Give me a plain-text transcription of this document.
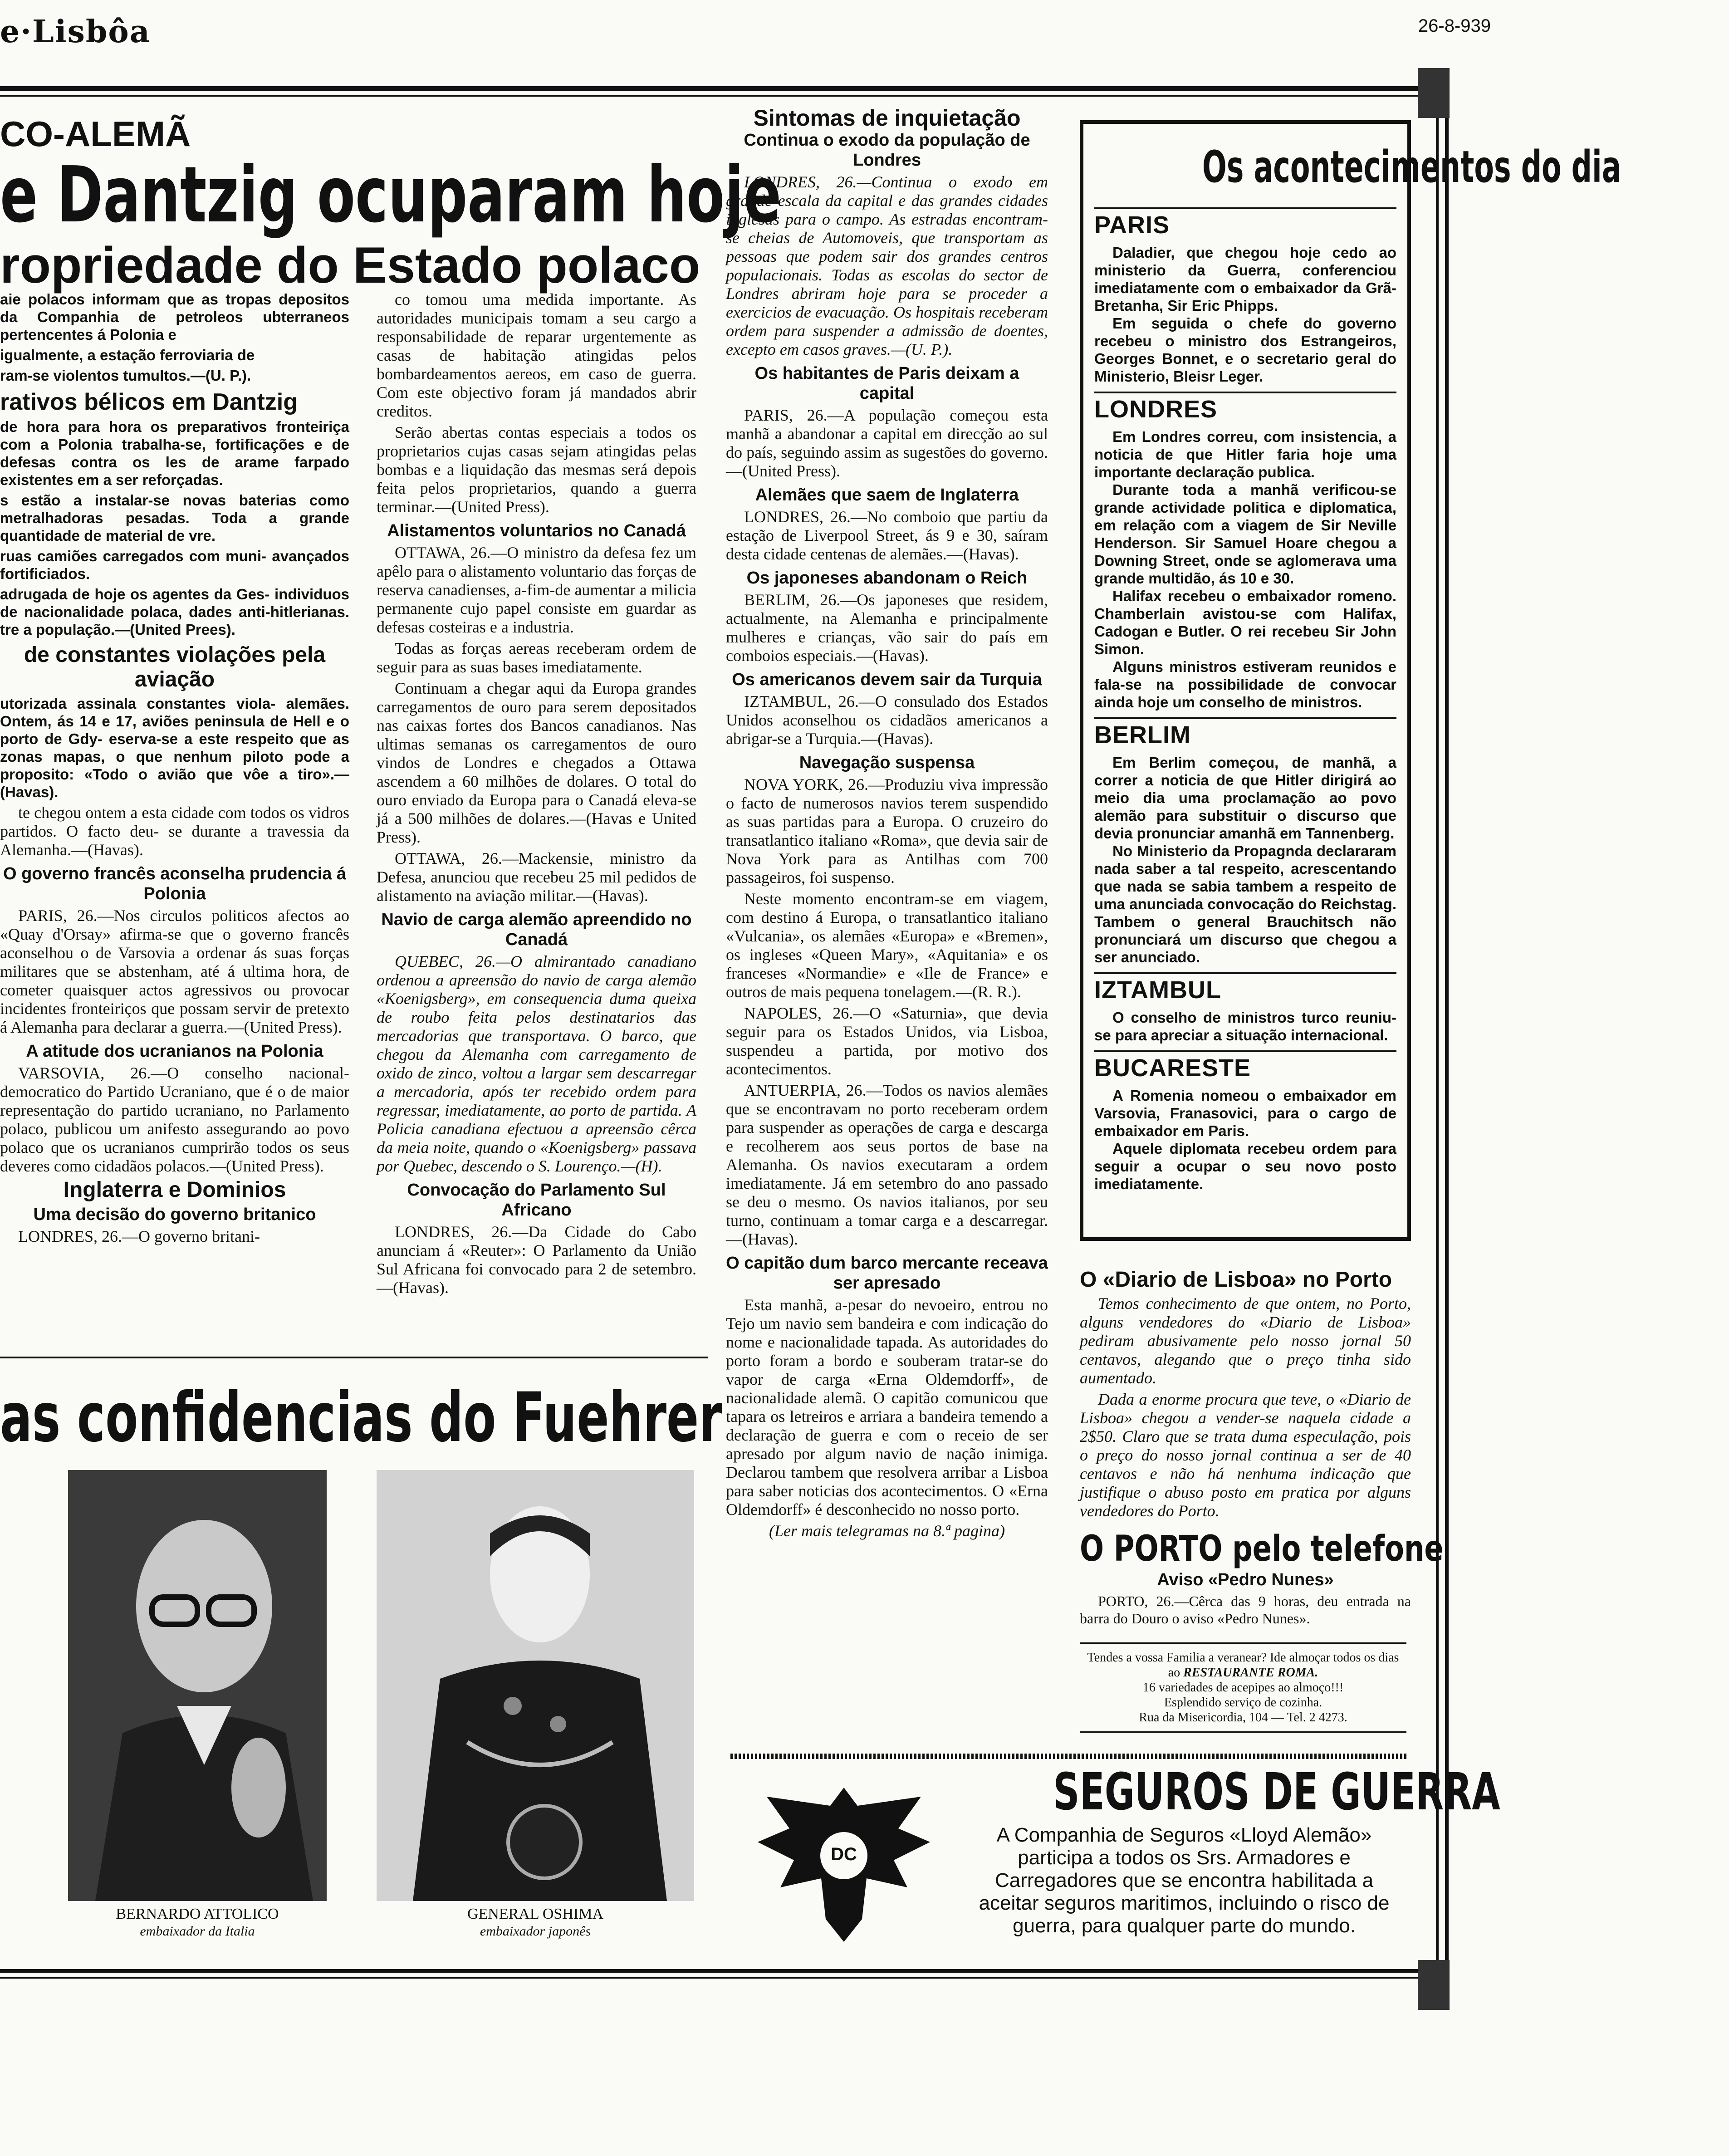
e·Lisbôa	26-8-939
CO-ALEMÃ
e Dantzig ocuparam hoje
ropriedade do Estado polaco

aie polacos informam que as tropas depositos da Companhia de petroleos ubterraneos pertencentes á Polonia e

igualmente, a estação ferroviaria de

ram-se violentos tumultos.—(U. P.).

rativos bélicos em Dantzig

de hora para hora os preparativos fronteiriça com a Polonia trabalha-se, fortificações e de defesas contra os les de arame farpado existentes em a ser reforçadas.

s estão a instalar-se novas baterias como metralhadoras pesadas. Toda a grande quantidade de material de vre.

ruas camiões carregados com muni- avançados fortificiados.

adrugada de hoje os agentes da Ges- individuos de nacionalidade polaca, dades anti-hitlerianas. tre a população.—(United Prees).

de constantes violações pela aviação

utorizada assinala constantes viola- alemães. Ontem, ás 14 e 17, aviões peninsula de Hell e o porto de Gdy- eserva-se a este respeito que as zonas mapas, o que nenhum piloto pode a proposito: «Todo o avião que vôe a tiro».—(Havas).

te chegou ontem a esta cidade com todos os vidros partidos. O facto deu- se durante a travessia da Alemanha.—(Havas).

O governo francês aconselha prudencia á Polonia

PARIS, 26.—Nos circulos politicos afectos ao «Quay d'Orsay» afirma-se que o governo francês aconselhou o de Varsovia a ordenar ás suas forças militares que se abstenham, até á ultima hora, de cometer quaisquer actos agressivos ou provocar incidentes fronteiriços que possam servir de pretexto á Alemanha para declarar a guerra.—(United Press).

A atitude dos ucranianos na Polonia

VARSOVIA, 26.—O conselho nacional-democratico do Partido Ucraniano, que é o de maior representação do partido ucraniano, no Parlamento polaco, publicou um anifesto assegurando ao povo polaco que os ucranianos cumprirão todos os seus deveres como cidadãos polacos.—(United Press).

Inglaterra e Dominios
Uma decisão do governo britanico

LONDRES, 26.—O governo britani-

co tomou uma medida importante. As autoridades municipais tomam a seu cargo a responsabilidade de reparar urgentemente as casas de habitação atingidas pelos bombardeamentos aereos, em caso de guerra. Com este objectivo foram já mandados abrir creditos.

Serão abertas contas especiais a todos os proprietarios cujas casas sejam atingidas pelas bombas e a liquidação das mesmas será depois feita pelos proprietarios, quando a guerra terminar.—(United Press).

Alistamentos voluntarios no Canadá

OTTAWA, 26.—O ministro da defesa fez um apêlo para o alistamento voluntario das forças de reserva canadienses, a-fim-de aumentar a milicia permanente cujo papel consiste em guardar as defesas costeiras e a industria.

Todas as forças aereas receberam ordem de seguir para as suas bases imediatamente.

Continuam a chegar aqui da Europa grandes carregamentos de ouro para serem depositados nas caixas fortes dos Bancos canadianos. Nas ultimas semanas os carregamentos de ouro vindos de Londres e chegados a Ottawa ascendem a 60 milhões de dolares. O total do ouro enviado da Europa para o Canadá eleva-se já a 500 milhões de dolares.—(Havas e United Press).

OTTAWA, 26.—Mackensie, ministro da Defesa, anunciou que recebeu 25 mil pedidos de alistamento na aviação militar.—(Havas).

Navio de carga alemão apreendido no Canadá

QUEBEC, 26.—O almirantado canadiano ordenou a apreensão do navio de carga alemão «Koenigsberg», em consequencia duma queixa de roubo feita pelos destinatarios das mercadorias que transportava. O barco, que chegou da Alemanha com carregamento de oxido de zinco, voltou a largar sem descarregar a mercadoria, após ter recebido ordem para regressar, imediatamente, ao porto de partida. A Policia canadiana efectuou a apreensão cêrca da meia noite, quando o «Koenigsberg» passava por Quebec, descendo o S. Lourenço.—(H).

Convocação do Parlamento Sul Africano

LONDRES, 26.—Da Cidade do Cabo anunciam á «Reuter»: O Parlamento da União Sul Africana foi convocado para 2 de setembro.—(Havas).

Sintomas de inquietação
Continua o exodo da população de Londres

LONDRES, 26.—Continua o exodo em grande escala da capital e das grandes cidades inglesas para o campo. As estradas encontram-se cheias de Automoveis, que transportam as pessoas que podem sair dos grandes centros populacionais. Todas as escolas do sector de Londres abriram hoje para se proceder a exercicios de evacuação. Os hospitais receberam ordem para suspender a admissão de doentes, excepto em casos graves.—(U. P.).

Os habitantes de Paris deixam a capital

PARIS, 26.—A população começou esta manhã a abandonar a capital em direcção ao sul do país, seguindo assim as sugestões do governo.—(United Press).

Alemães que saem de Inglaterra

LONDRES, 26.—No comboio que partiu da estação de Liverpool Street, ás 9 e 30, saíram desta cidade centenas de alemães.—(Havas).

Os japoneses abandonam o Reich

BERLIM, 26.—Os japoneses que residem, actualmente, na Alemanha e principalmente mulheres e crianças, vão sair do país em comboios especiais.—(Havas).

Os americanos devem sair da Turquia

IZTAMBUL, 26.—O consulado dos Estados Unidos aconselhou os cidadãos americanos a abrigar-se a Turquia.—(Havas).

Navegação suspensa

NOVA YORK, 26.—Produziu viva impressão o facto de numerosos navios terem suspendido as suas partidas para a Europa. O cruzeiro do transatlantico italiano «Roma», que devia sair de Nova York para as Antilhas com 700 passageiros, foi suspenso.

Neste momento encontram-se em viagem, com destino á Europa, o transatlantico italiano «Vulcania», os alemães «Europa» e «Bremen», os ingleses «Queen Mary», «Aquitania» e os franceses «Normandie» e «Ile de France» e outros de mais pequena tonelagem.—(R. R.).

NAPOLES, 26.—O «Saturnia», que devia seguir para os Estados Unidos, via Lisboa, suspendeu a partida, por motivo dos acontecimentos.

ANTUERPIA, 26.—Todos os navios alemães que se encontravam no porto receberam ordem para suspender as operações de carga e descarga e recolherem aos seus portos de base na Alemanha. Os navios executaram a ordem imediatamente. Já em setembro do ano passado se deu o mesmo. Os navios italianos, por seu turno, continuam a tomar carga e a descarregar.—(Havas).

O capitão dum barco mercante receava ser apresado

Esta manhã, a-pesar do nevoeiro, entrou no Tejo um navio sem bandeira e com indicação do nome e nacionalidade tapada. As autoridades do porto foram a bordo e souberam tratar-se do vapor de carga «Erna Oldemdorff», de nacionalidade alemã. O capitão comunicou que tapara os letreiros e arriara a bandeira temendo a declaração de guerra e com o receio de ser apresado por algum navio de nação inimiga. Declarou tambem que resolvera arribar a Lisboa para saber noticias dos acontecimentos. O «Erna Oldemdorff» é desconhecido no nosso porto.

(Ler mais telegramas na 8.ª pagina)

Os acontecimentos do dia
PARIS

Daladier, que chegou hoje cedo ao ministerio da Guerra, conferenciou imediatamente com o embaixador da Grã-Bretanha, Sir Eric Phipps.

Em seguida o chefe do governo recebeu o ministro dos Estrangeiros, Georges Bonnet, e o secretario geral do Ministerio, Bleisr Leger.

LONDRES

Em Londres correu, com insistencia, a noticia de que Hitler faria hoje uma importante declaração publica.

Durante toda a manhã verificou-se grande actividade politica e diplomatica, em relação com a viagem de Sir Neville Henderson. Sir Samuel Hoare chegou a Downing Street, onde se aglomerava uma grande multidão, ás 10 e 30.

Halifax recebeu o embaixador romeno. Chamberlain avistou-se com Halifax, Cadogan e Butler. O rei recebeu Sir John Simon.

Alguns ministros estiveram reunidos e fala-se na possibilidade de convocar ainda hoje um conselho de ministros.

BERLIM

Em Berlim começou, de manhã, a correr a noticia de que Hitler dirigirá ao meio dia uma proclamação ao povo alemão para substituir o discurso que devia pronunciar amanhã em Tannenberg.

No Ministerio da Propagnda declararam nada saber a tal respeito, acrescentando que nada se sabia tambem a respeito de uma anunciada convocação do Reichstag. Tambem o general Brauchitsch não pronunciará um discurso que chegou a ser anunciado.

IZTAMBUL

O conselho de ministros turco reuniu-se para apreciar a situação internacional.

BUCARESTE

A Romenia nomeou o embaixador em Varsovia, Franasovici, para o cargo de embaixador em Paris.

Aquele diplomata recebeu ordem para seguir a ocupar o seu novo posto imediatamente.

O «Diario de Lisboa» no Porto

Temos conhecimento de que ontem, no Porto, alguns vendedores do «Diario de Lisboa» pediram abusivamente pelo nosso jornal 50 centavos, alegando que o preço tinha sido aumentado.

Dada a enorme procura que teve, o «Diario de Lisboa» chegou a vender-se naquela cidade a 2$50. Claro que se trata duma especulação, pois o preço do nosso jornal continua a ser de 40 centavos e não há nenhuma indicação que justifique o abuso posto em pratica por alguns vendedores do Porto.

O PORTO pelo telefone
Aviso «Pedro Nunes»

PORTO, 26.—Cêrca das 9 horas, deu entrada na barra do Douro o aviso «Pedro Nunes».

Tendes a vossa Familia a veranear? Ide almoçar todos os dias ao RESTAURANTE ROMA.
16 variedades de acepipes ao almoço!!!
Esplendido serviço de cozinha.
Rua da Misericordia, 104 — Tel. 2 4273.
as confidencias do Fuehrer
BERNARDO ATTOLICO
embaixador da Italia
GENERAL OSHIMA
embaixador japonês
DC
SEGUROS DE GUERRA
A Companhia de Seguros «Lloyd Alemão» participa a todos os Srs. Armadores e Carregadores que se encontra habilitada a aceitar seguros maritimos, incluindo o risco de guerra, para qualquer parte do mundo.
